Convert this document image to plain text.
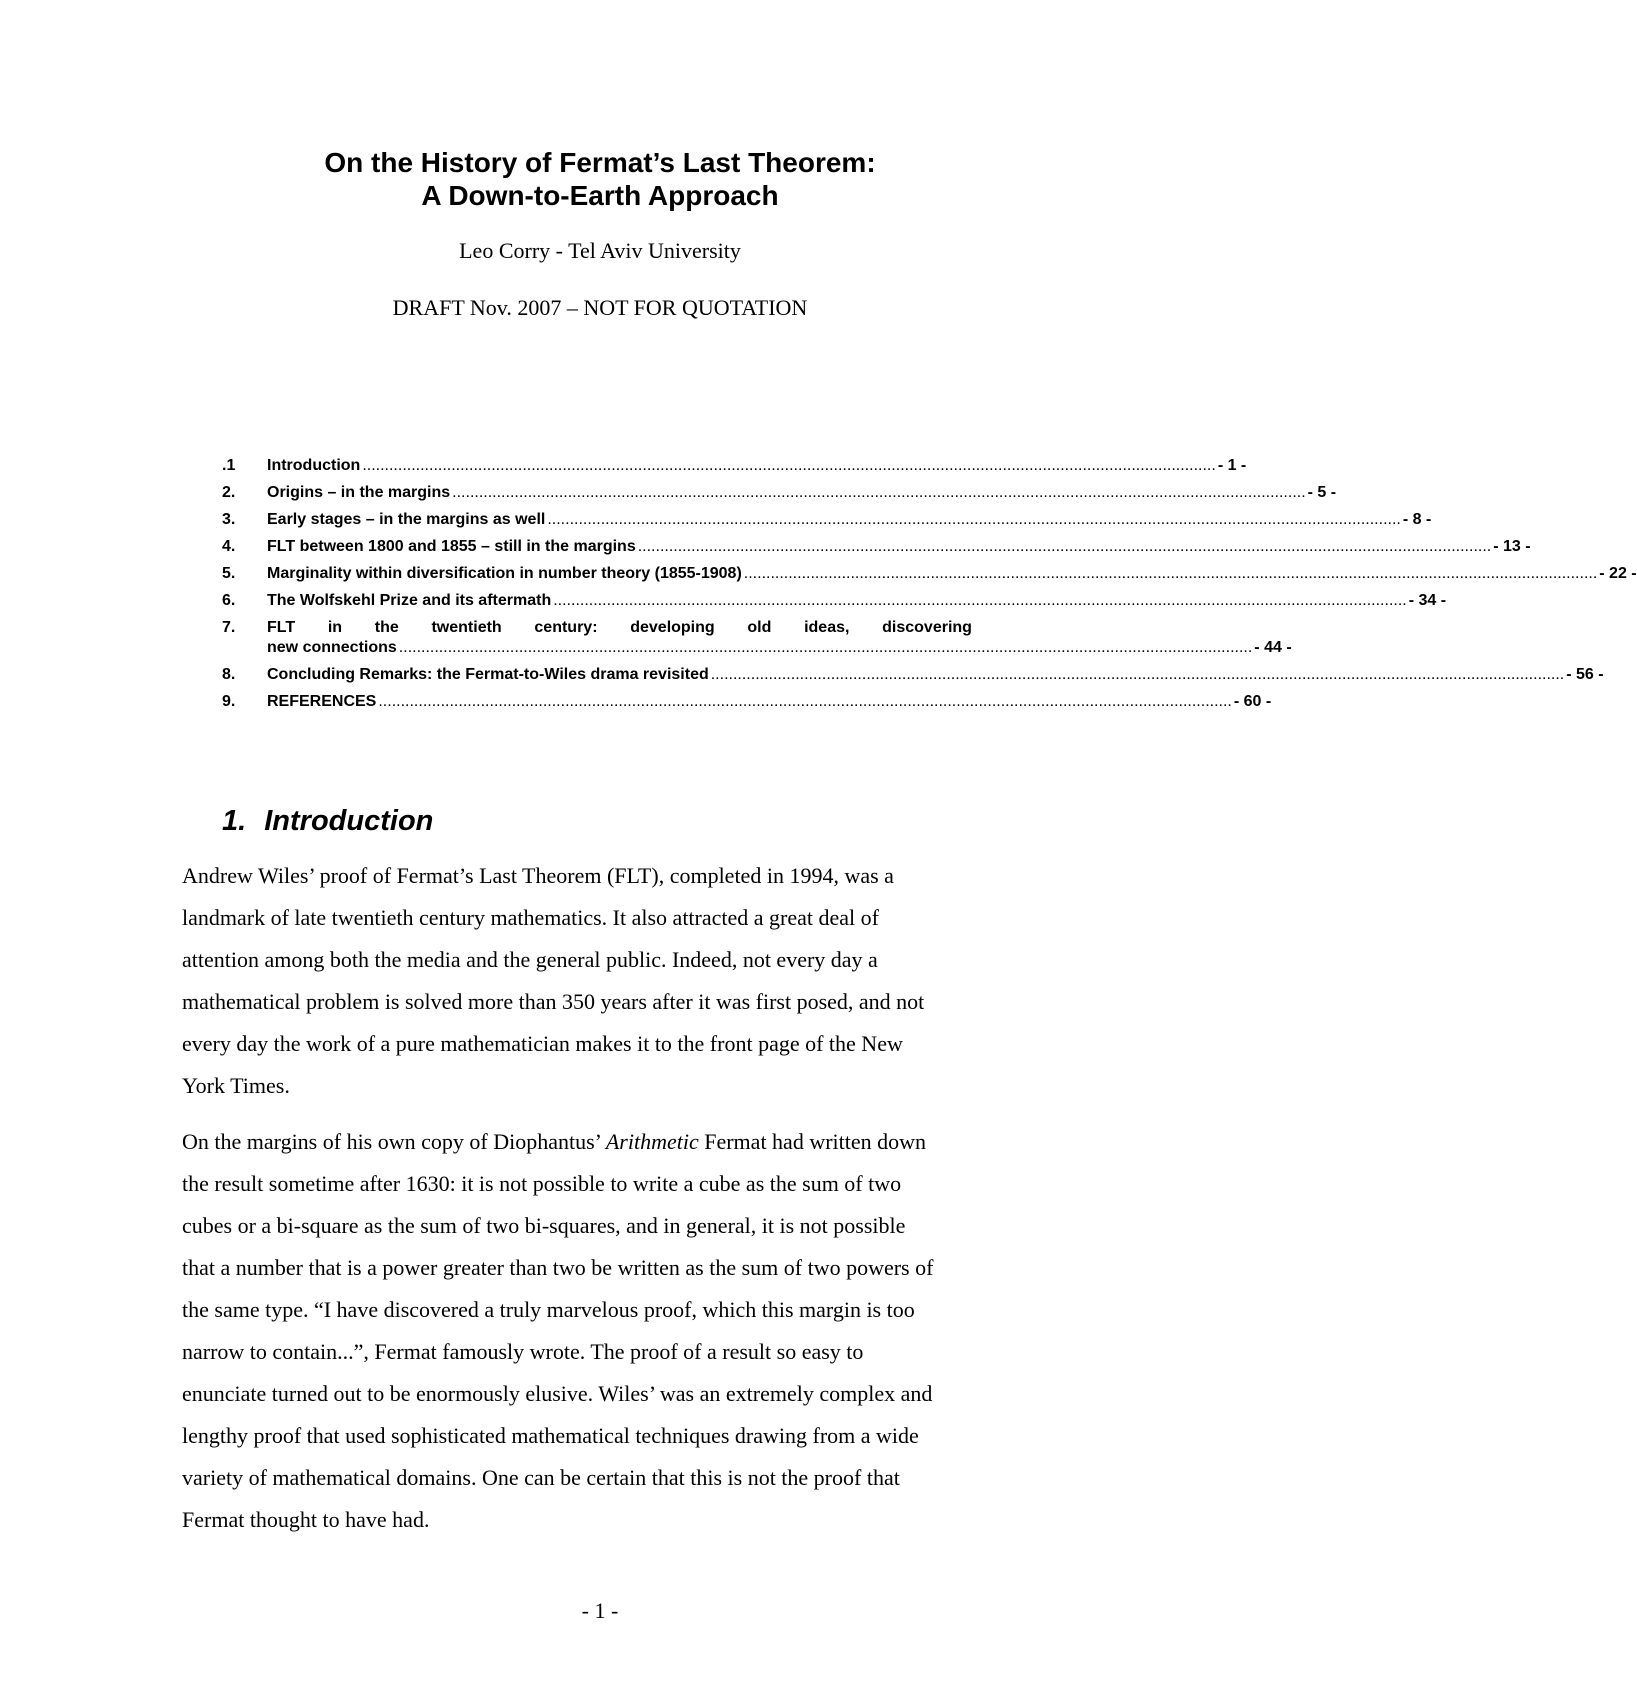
On the History of Fermat’s Last Theorem:
A Down-to-Earth Approach
Leo Corry - Tel Aviv University
DRAFT Nov. 2007 – NOT FOR QUOTATION
.1	Introduction ................................................................................................................................................................................................ - 1 -
2.	Origins – in the margins ................................................................................................................................................................................................ - 5 -
3.	Early stages – in the margins as well ................................................................................................................................................................................................ - 8 -
4.	FLT between 1800 and 1855 – still in the margins ................................................................................................................................................................................................ - 13 -
5.	Marginality within diversification in number theory (1855-1908) ................................................................................................................................................................................................ - 22 -
6.	The Wolfskehl Prize and its aftermath ................................................................................................................................................................................................ - 34 -
7.	FLT in the twentieth century: developing old ideas, discovering
new connections ................................................................................................................................................................................................ - 44 -
8.	Concluding Remarks: the Fermat-to-Wiles drama revisited ................................................................................................................................................................................................ - 56 -
9.	REFERENCES ................................................................................................................................................................................................ - 60 -
1. Introduction
Andrew Wiles’ proof of Fermat’s Last Theorem (FLT), completed in 1994, was a
landmark of late twentieth century mathematics. It also attracted a great deal of
attention among both the media and the general public. Indeed, not every day a
mathematical problem is solved more than 350 years after it was first posed, and not
every day the work of a pure mathematician makes it to the front page of the New
York Times.
On the margins of his own copy of Diophantus’ Arithmetic Fermat had written down
the result sometime after 1630: it is not possible to write a cube as the sum of two
cubes or a bi-square as the sum of two bi-squares, and in general, it is not possible
that a number that is a power greater than two be written as the sum of two powers of
the same type. “I have discovered a truly marvelous proof, which this margin is too
narrow to contain...”, Fermat famously wrote. The proof of a result so easy to
enunciate turned out to be enormously elusive. Wiles’ was an extremely complex and
lengthy proof that used sophisticated mathematical techniques drawing from a wide
variety of mathematical domains. One can be certain that this is not the proof that
Fermat thought to have had.
- 1 -
